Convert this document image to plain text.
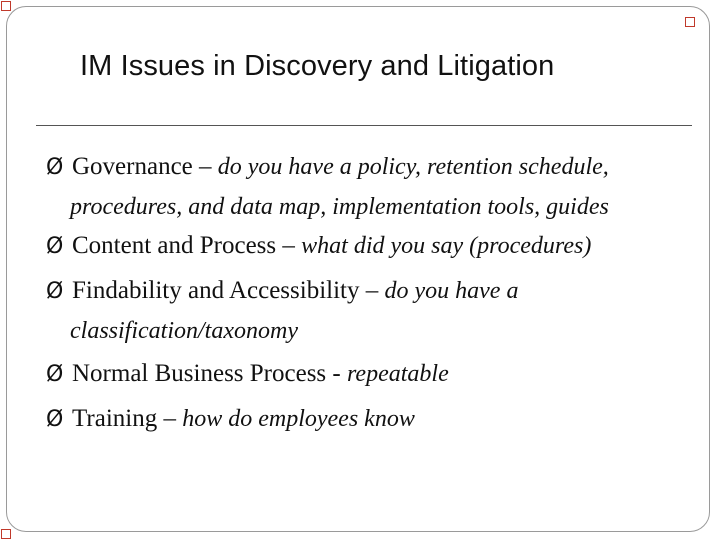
IM Issues in Discovery and Litigation
Ø Governance – do you have a policy, retention schedule,
procedures, and data map, implementation tools, guides
Ø Content and Process – what did you say (procedures)
Ø Findability and Accessibility – do you have a
classification/taxonomy
Ø Normal Business Process - repeatable
Ø Training – how do employees know
